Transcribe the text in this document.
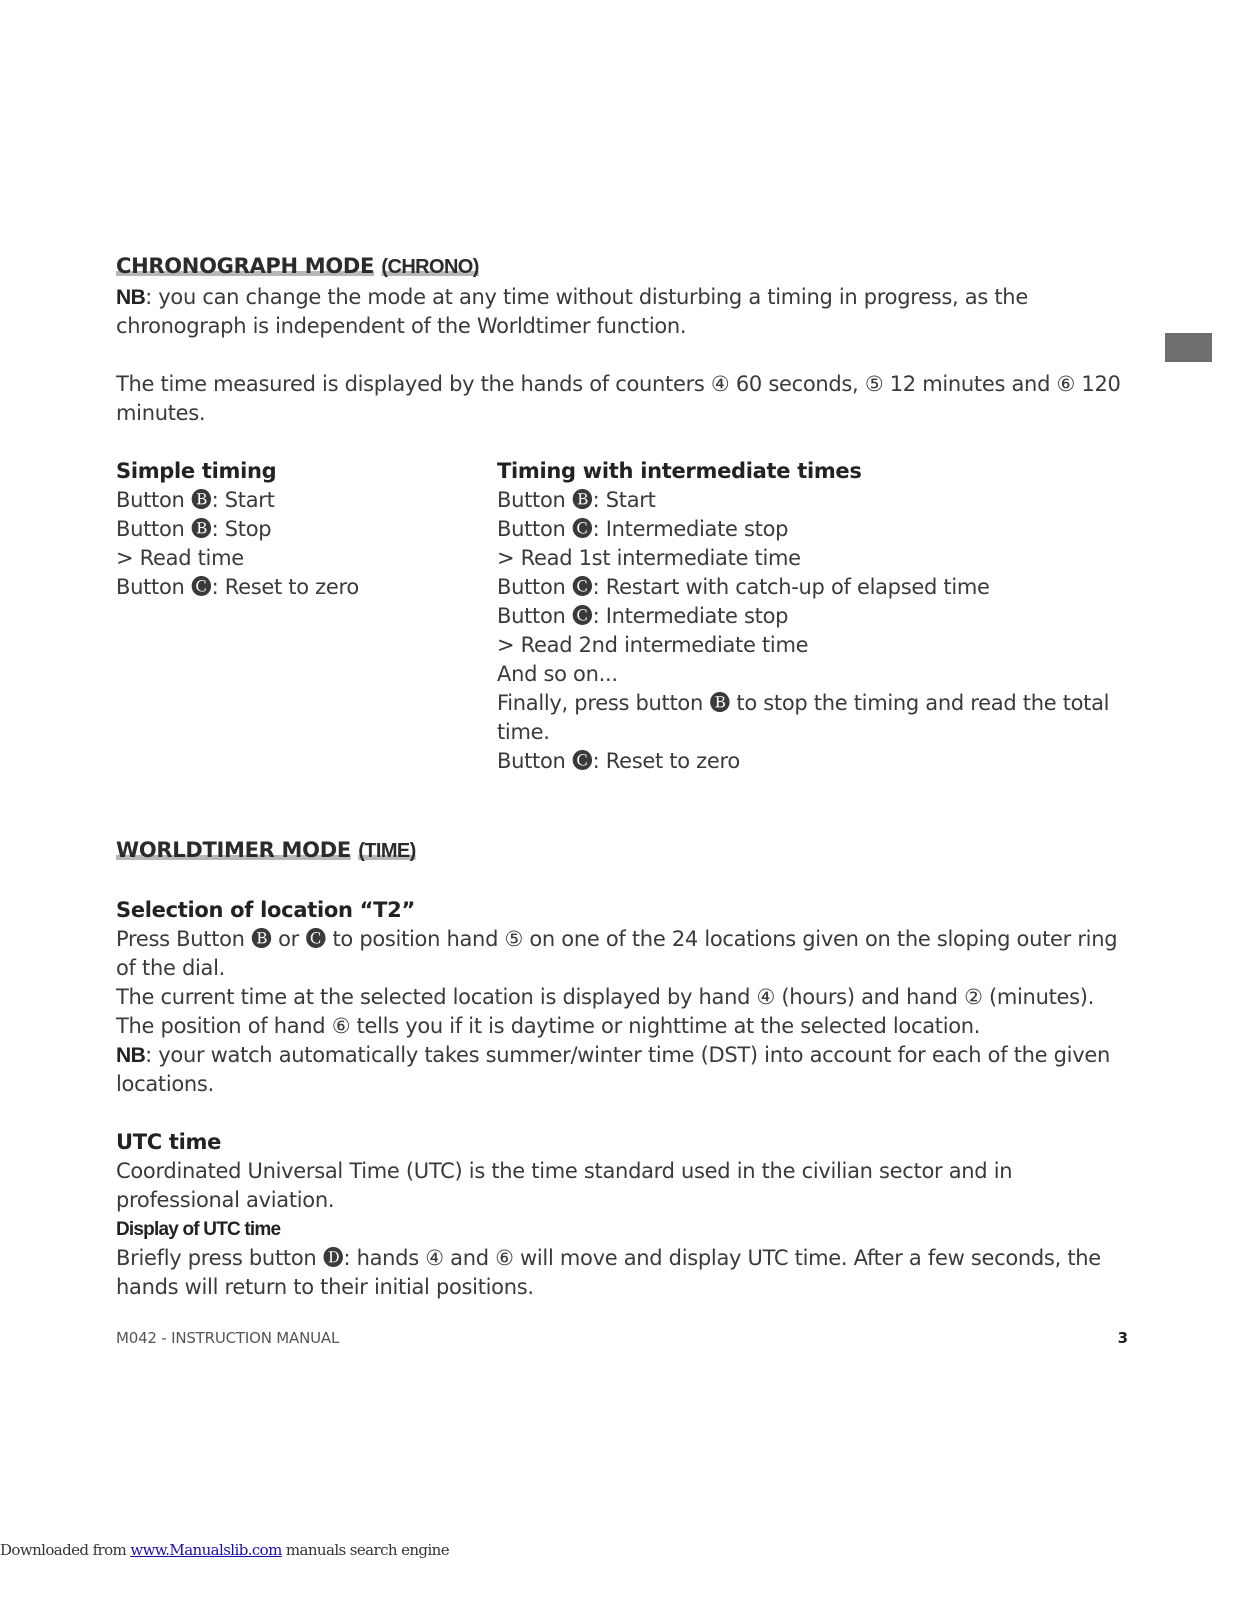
CHRONOGRAPH MODE (CHRONO)

NB: you can change the mode at any time without disturbing a timing in progress, as the chronograph is independent of the Worldtimer function.

The time measured is displayed by the hands of counters ④ 60 seconds, ⑤ 12 minutes and ⑥ 120 minutes.

Simple timing

Button 🅑: Start

Button 🅑: Stop

> Read time

Button 🅒: Reset to zero

Timing with intermediate times

Button 🅑: Start

Button 🅒: Intermediate stop

> Read 1st intermediate time

Button 🅒: Restart with catch-up of elapsed time

Button 🅒: Intermediate stop

> Read 2nd intermediate time

And so on...

Finally, press button 🅑 to stop the timing and read the total time.

Button 🅒: Reset to zero

WORLDTIMER MODE (TIME)
Selection of location “T2”

Press Button 🅑 or 🅒 to position hand ⑤ on one of the 24 locations given on the sloping outer ring of the dial.

The current time at the selected location is displayed by hand ④ (hours) and hand ② (minutes).

The position of hand ⑥ tells you if it is daytime or nighttime at the selected location.

NB: your watch automatically takes summer/winter time (DST) into account for each of the given locations.

UTC time

Coordinated Universal Time (UTC) is the time standard used in the civilian sector and in professional aviation.

Display of UTC time

Briefly press button 🅓: hands ④ and ⑥ will move and display UTC time. After a few seconds, the hands will return to their initial positions.

M042 - INSTRUCTION MANUAL	3
Downloaded from www.Manualslib.com manuals search engine
